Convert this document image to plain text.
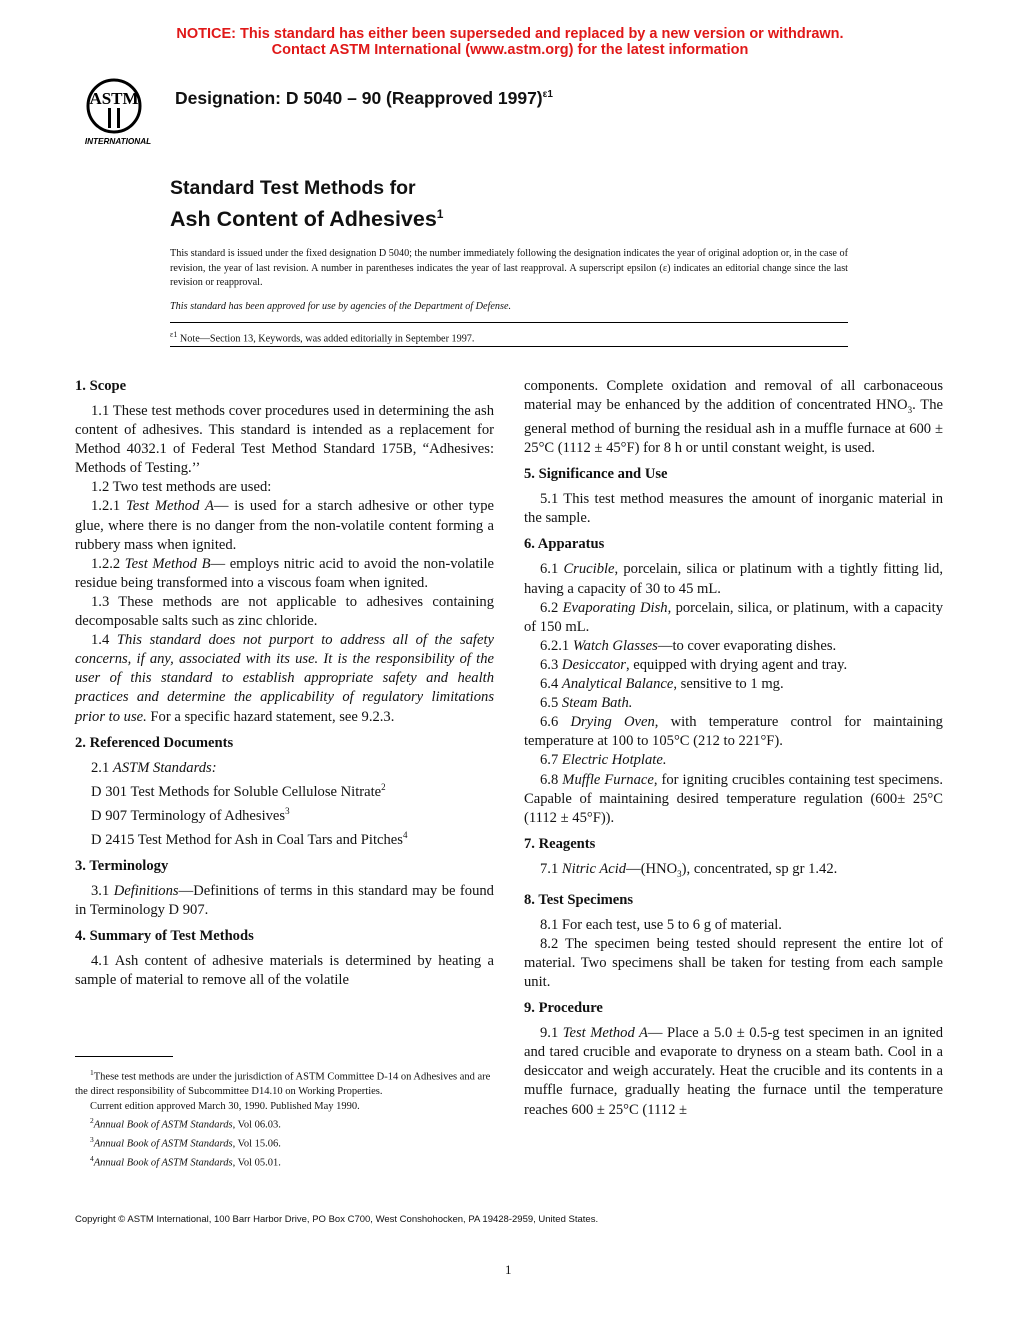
NOTICE: This standard has either been superseded and replaced by a new version or withdrawn.
Contact ASTM International (www.astm.org) for the latest information
ASTM
INTERNATIONAL
Designation: D 5040 – 90 (Reapproved 1997)$^{\varepsilon 1}$
Standard Test Methods for
Ash Content of Adhesives$^1$
This standard is issued under the fixed designation D 5040; the number immediately following the designation indicates the year of original adoption or, in the case of revision, the year of last revision. A number in parentheses indicates the year of last reapproval. A superscript epsilon (ε) indicates an editorial change since the last revision or reapproval.
This standard has been approved for use by agencies of the Department of Defense.
$^{\varepsilon 1}$ Note—Section 13, Keywords, was added editorially in September 1997.
1. Scope

1.1 These test methods cover procedures used in determining the ash content of adhesives. This standard is intended as a replacement for Method 4032.1 of Federal Test Method Standard 175B, “Adhesives: Methods of Testing.’’

1.2 Two test methods are used:

1.2.1 Test Method A— is used for a starch adhesive or other type glue, where there is no danger from the non-volatile content forming a rubbery mass when ignited.

1.2.2 Test Method B— employs nitric acid to avoid the non-volatile residue being transformed into a viscous foam when ignited.

1.3 These methods are not applicable to adhesives containing decomposable salts such as zinc chloride.

1.4 This standard does not purport to address all of the safety concerns, if any, associated with its use. It is the responsibility of the user of this standard to establish appropriate safety and health practices and determine the applicability of regulatory limitations prior to use. For a specific hazard statement, see 9.2.3.

2. Referenced Documents

2.1 ASTM Standards:

D 301 Test Methods for Soluble Cellulose Nitrate$^2$

D 907 Terminology of Adhesives$^3$

D 2415 Test Method for Ash in Coal Tars and Pitches$^4$

3. Terminology

3.1 Definitions—Definitions of terms in this standard may be found in Terminology D 907.

4. Summary of Test Methods

4.1 Ash content of adhesive materials is determined by heating a sample of material to remove all of the volatile

$^1$These test methods are under the jurisdiction of ASTM Committee D-14 on Adhesives and are the direct responsibility of Subcommittee D14.10 on Working Properties.

Current edition approved March 30, 1990. Published May 1990.

$^2$Annual Book of ASTM Standards, Vol 06.03.

$^3$Annual Book of ASTM Standards, Vol 15.06.

$^4$Annual Book of ASTM Standards, Vol 05.01.

components. Complete oxidation and removal of all carbonaceous material may be enhanced by the addition of concentrated $HNO_3$. The general method of burning the residual ash in a muffle furnace at 600 ± 25°C (1112 ± 45°F) for 8 h or until constant weight, is used.

5. Significance and Use

5.1 This test method measures the amount of inorganic material in the sample.

6. Apparatus

6.1 Crucible, porcelain, silica or platinum with a tightly fitting lid, having a capacity of 30 to 45 mL.

6.2 Evaporating Dish, porcelain, silica, or platinum, with a capacity of 150 mL.

6.2.1 Watch Glasses—to cover evaporating dishes.

6.3 Desiccator, equipped with drying agent and tray.

6.4 Analytical Balance, sensitive to 1 mg.

6.5 Steam Bath.

6.6 Drying Oven, with temperature control for maintaining temperature at 100 to 105°C (212 to 221°F).

6.7 Electric Hotplate.

6.8 Muffle Furnace, for igniting crucibles containing test specimens. Capable of maintaining desired temperature regulation (600± 25°C (1112 ± 45°F)).

7. Reagents

7.1 Nitric $Acid—(HNO_3)$, concentrated, sp gr 1.42.

8. Test Specimens

8.1 For each test, use 5 to 6 g of material.

8.2 The specimen being tested should represent the entire lot of material. Two specimens shall be taken for testing from each sample unit.

9. Procedure

9.1 Test Method A— Place a 5.0 ± 0.5-g test specimen in an ignited and tared crucible and evaporate to dryness on a steam bath. Cool in a desiccator and weigh accurately. Heat the crucible and its contents in a muffle furnace, gradually heating the furnace until the temperature reaches 600 ± 25°C (1112 ±

Copyright © ASTM International, 100 Barr Harbor Drive, PO Box C700, West Conshohocken, PA 19428-2959, United States.
1
